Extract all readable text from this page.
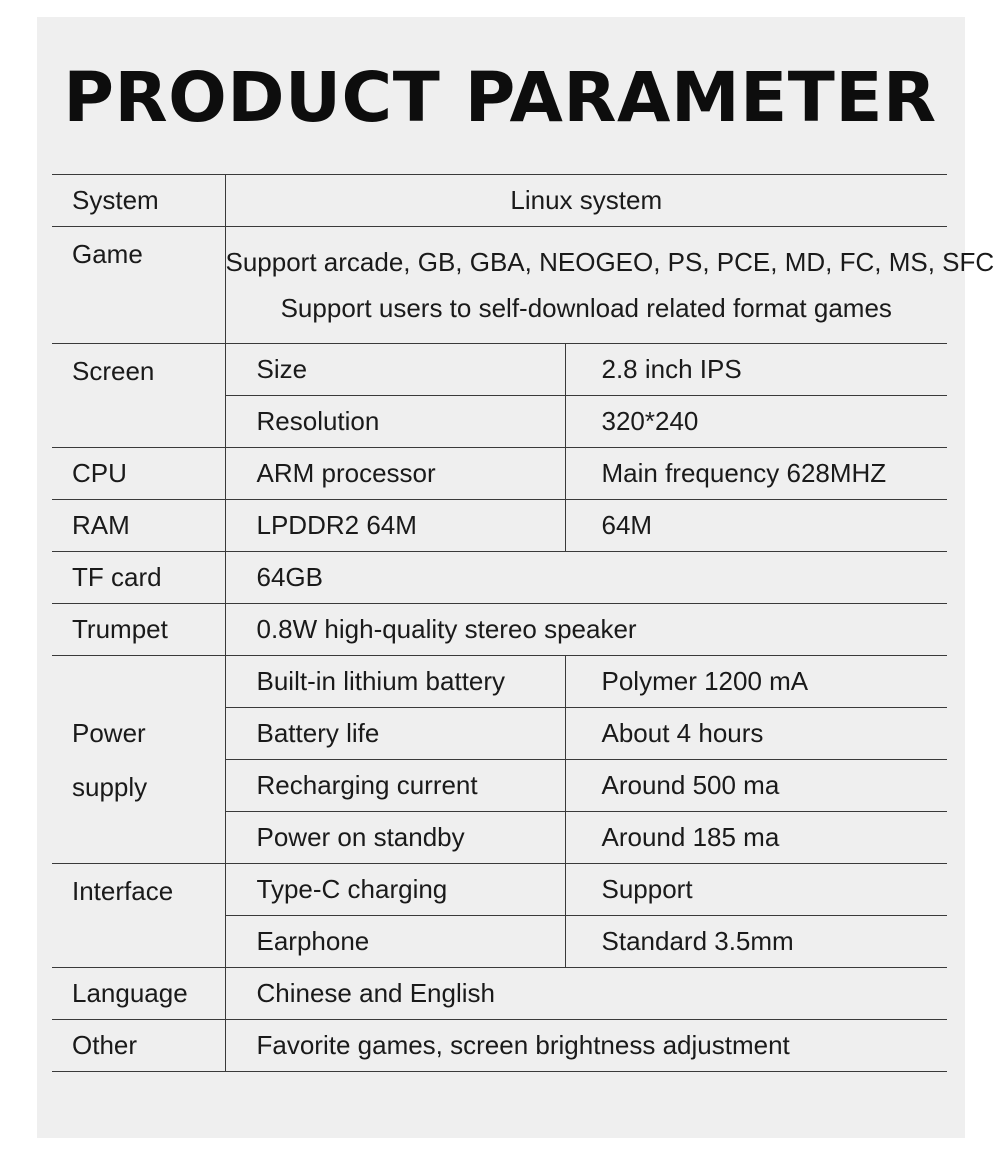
PRODUCT PARAMETER
System	Linux system	
Game	Support arcade, GB, GBA, NEOGEO, PS, PCE, MD, FC, MS, SFC
Support users to self-download related format games	

Screen	Size	2.8 inch IPS
	Resolution	320*240
CPU	ARM processor	Main frequency 628MHZ
RAM	LPDDR2 64M	64M
TF card	64GB	
Trumpet	0.8W high-quality stereo speaker	

Power
supply	Built-in lithium battery	Polymer 1200 mA
	Battery life	About 4 hours
	Recharging current	Around 500 ma
	Power on standby	Around 185 ma
Interface	Type-C charging	Support
	Earphone	Standard 3.5mm
Language	Chinese and English	
Other	Favorite games, screen brightness adjustment	
